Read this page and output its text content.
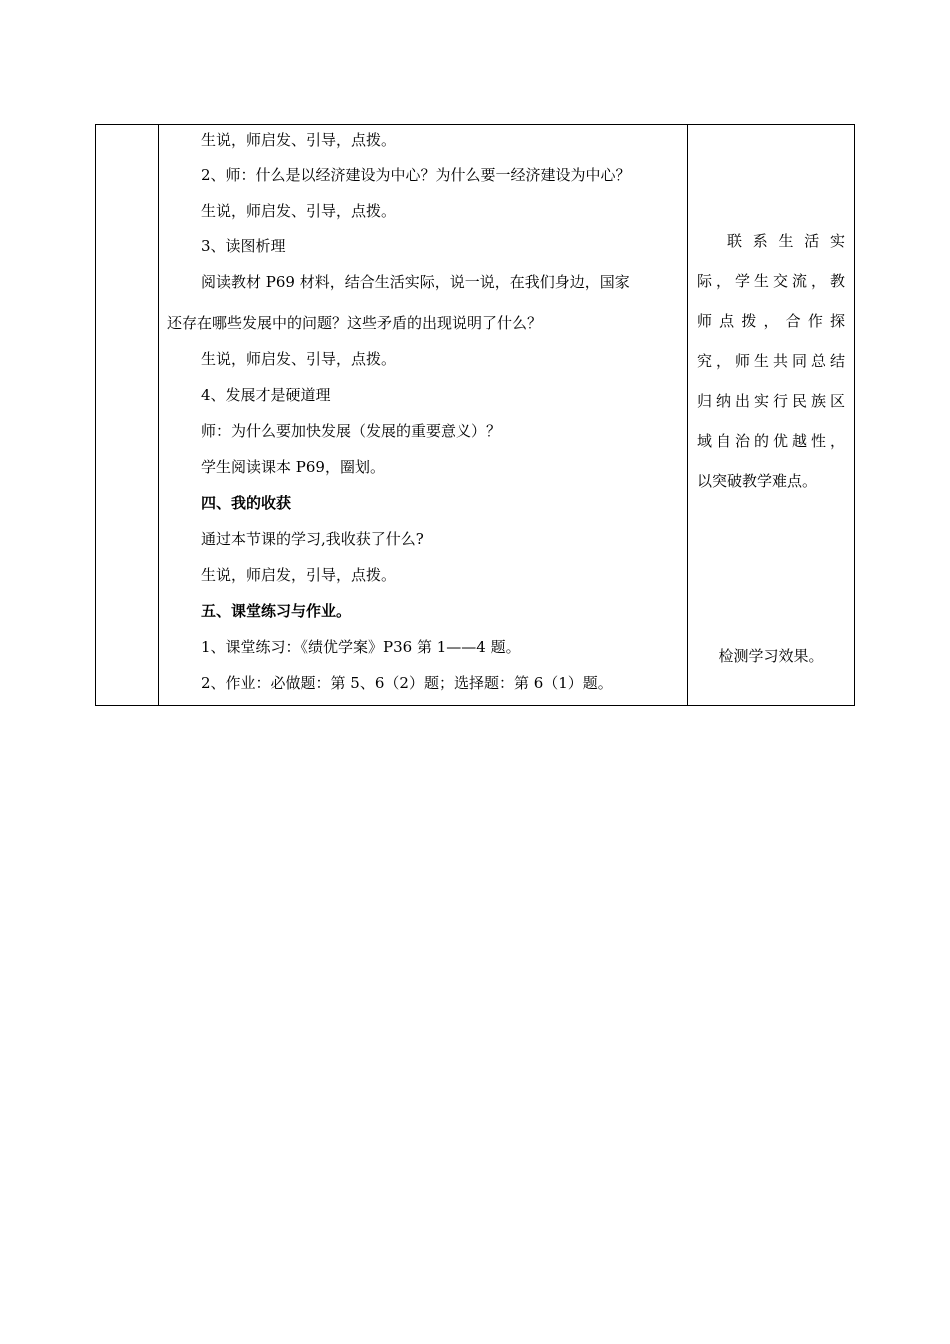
生说，师启发、引导，点拨。
2、师：什么是以经济建设为中心？为什么要一经济建设为中心？
生说，师启发、引导，点拨。
3、读图析理
阅读教材 P69 材料，结合生活实际，说一说，在我们身边，国家
还存在哪些发展中的问题？这些矛盾的出现说明了什么？
生说，师启发、引导，点拨。
4、发展才是硬道理
师：为什么要加快发展（发展的重要意义）？
学生阅读课本 P69，圈划。
四、我的收获
通过本节课的学习,我收获了什么?
生说，师启发，引导，点拨。
五、课堂练习与作业。
1、课堂练习：《绩优学案》P36 第 1——4 题。
2、作业：必做题：第 5、6（2）题；选择题：第 6（1）题。

联系生活实
际，学生交流，教
师点拨，合作探
究，师生共同总结
归纳出实行民族区
域自治的优越性，
以突破教学难点。
检测学习效果。
